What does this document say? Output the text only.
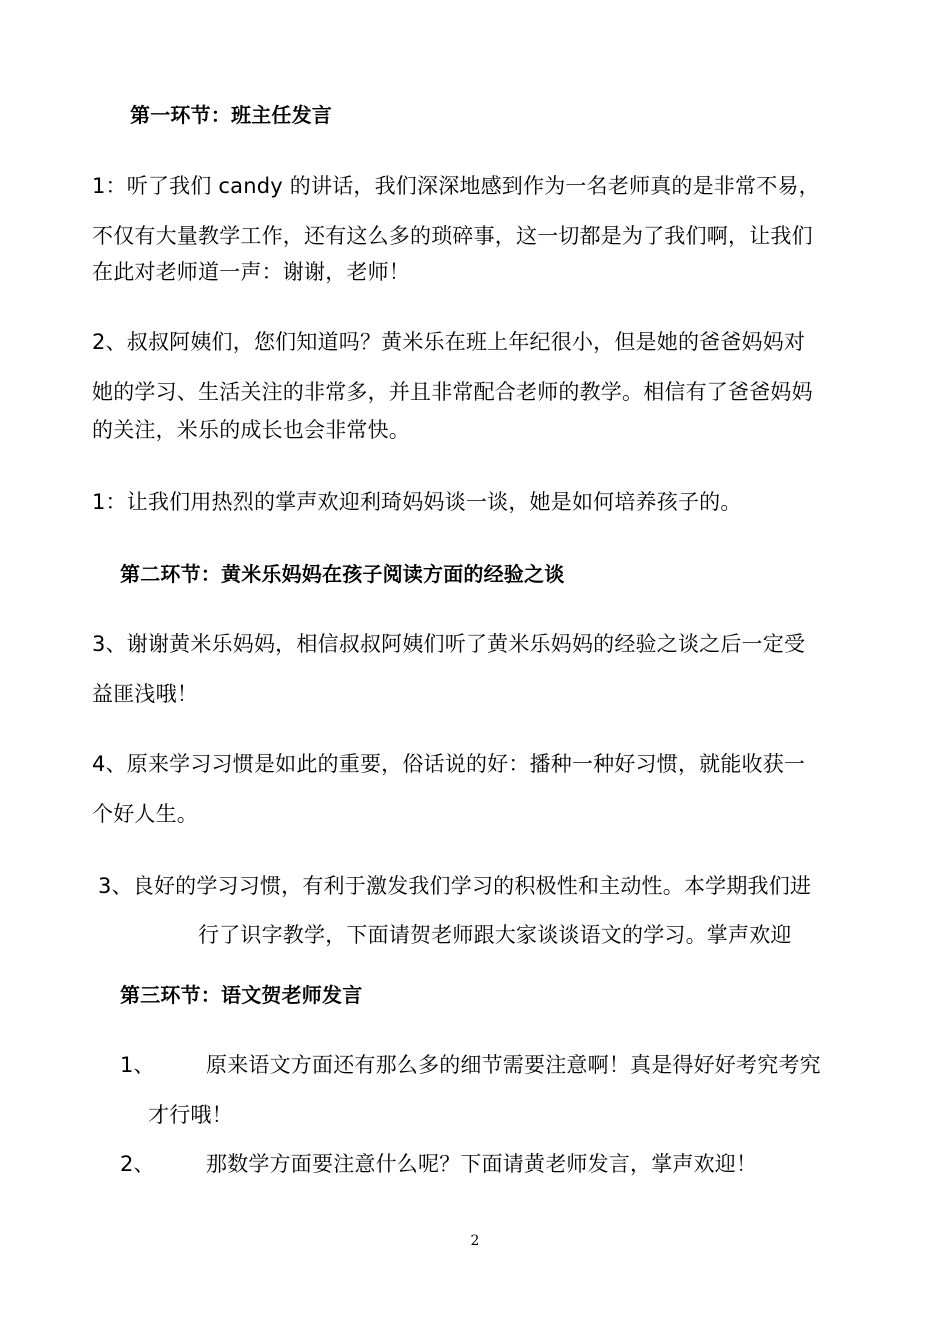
第一环节：班主任发言
1：听了我们 candy 的讲话，我们深深地感到作为一名老师真的是非常不易，
不仅有大量教学工作，还有这么多的琐碎事，这一切都是为了我们啊，让我们
在此对老师道一声：谢谢，老师！
2、叔叔阿姨们，您们知道吗？黄米乐在班上年纪很小，但是她的爸爸妈妈对
她的学习、生活关注的非常多，并且非常配合老师的教学。相信有了爸爸妈妈
的关注，米乐的成长也会非常快。
1：让我们用热烈的掌声欢迎利琦妈妈谈一谈，她是如何培养孩子的。
第二环节：黄米乐妈妈在孩子阅读方面的经验之谈
3、谢谢黄米乐妈妈，相信叔叔阿姨们听了黄米乐妈妈的经验之谈之后一定受
益匪浅哦！
4、原来学习习惯是如此的重要，俗话说的好：播种一种好习惯，就能收获一
个好人生。
3、良好的学习习惯，有利于激发我们学习的积极性和主动性。本学期我们进
行了识字教学，下面请贺老师跟大家谈谈语文的学习。掌声欢迎
第三环节：语文贺老师发言
1、 原来语文方面还有那么多的细节需要注意啊！真是得好好考究考究
才行哦！
2、 那数学方面要注意什么呢？下面请黄老师发言，掌声欢迎！
2
